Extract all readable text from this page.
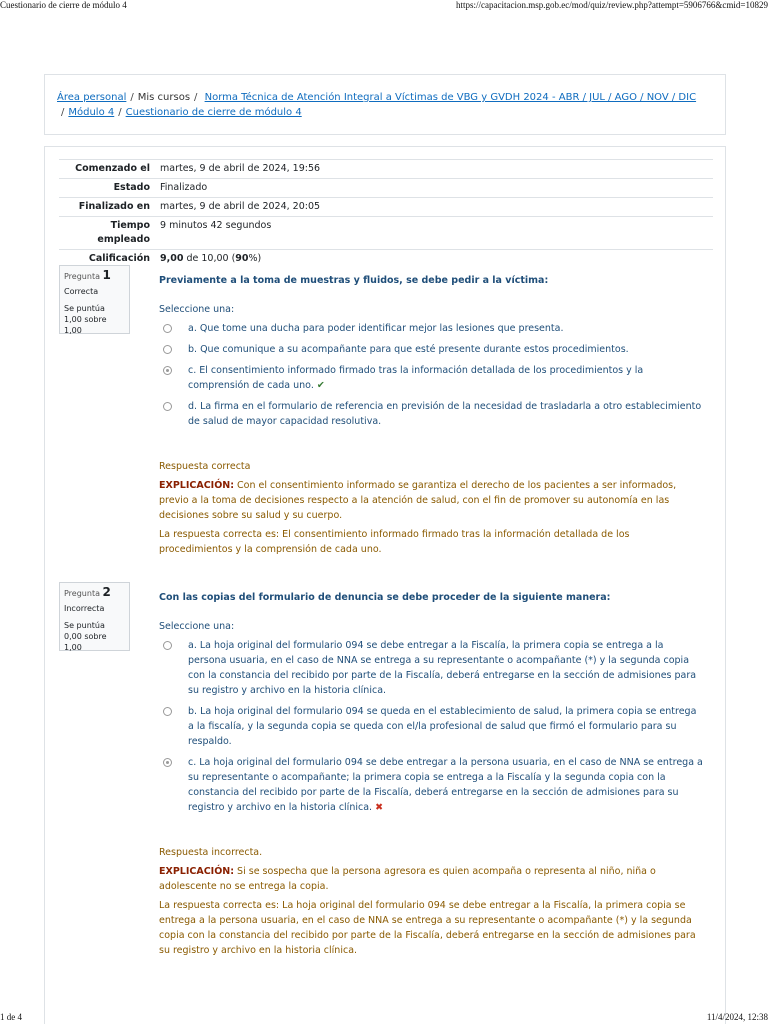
Cuestionario de cierre de módulo 4	https://capacitacion.msp.gob.ec/mod/quiz/review.php?attempt=5906766&cmid=10829
Área personal / Mis cursos / Norma Técnica de Atención Integral a Víctimas de VBG y GVDH 2024 - ABR / JUL / AGO / NOV / DIC
/ Módulo 4 / Cuestionario de cierre de módulo 4
Comenzado el	martes, 9 de abril de 2024, 19:56
Estado	Finalizado
Finalizado en	martes, 9 de abril de 2024, 20:05
Tiempo empleado	9 minutos 42 segundos
Calificación	9,00 de 10,00 (90%)
Pregunta 1
Correcta
Se puntúa 1,00 sobre 1,00
Previamente a la toma de muestras y fluidos, se debe pedir a la víctima:
Seleccione una:
a. Que tome una ducha para poder identificar mejor las lesiones que presenta.
b. Que comunique a su acompañante para que esté presente durante estos procedimientos.
c. El consentimiento informado firmado tras la información detallada de los procedimientos y la comprensión de cada uno. ✔
d. La firma en el formulario de referencia en previsión de la necesidad de trasladarla a otro establecimiento de salud de mayor capacidad resolutiva.
Respuesta correcta
EXPLICACIÓN: Con el consentimiento informado se garantiza el derecho de los pacientes a ser informados, previo a la toma de decisiones respecto a la atención de salud, con el fin de promover su autonomía en las decisiones sobre su salud y su cuerpo.
La respuesta correcta es: El consentimiento informado firmado tras la información detallada de los procedimientos y la comprensión de cada uno.
Pregunta 2
Incorrecta
Se puntúa 0,00 sobre 1,00
Con las copias del formulario de denuncia se debe proceder de la siguiente manera:
Seleccione una:
a. La hoja original del formulario 094 se debe entregar a la Fiscalía, la primera copia se entrega a la persona usuaria, en el caso de NNA se entrega a su representante o acompañante (*) y la segunda copia con la constancia del recibido por parte de la Fiscalía, deberá entregarse en la sección de admisiones para su registro y archivo en la historia clínica.
b. La hoja original del formulario 094 se queda en el establecimiento de salud, la primera copia se entrega a la fiscalía, y la segunda copia se queda con el/la profesional de salud que firmó el formulario para su respaldo.
c. La hoja original del formulario 094 se debe entregar a la persona usuaria, en el caso de NNA se entrega a su representante o acompañante; la primera copia se entrega a la Fiscalía y la segunda copia con la constancia del recibido por parte de la Fiscalía, deberá entregarse en la sección de admisiones para su registro y archivo en la historia clínica. ✖
Respuesta incorrecta.
EXPLICACIÓN: Si se sospecha que la persona agresora es quien acompaña o representa al niño, niña o adolescente no se entrega la copia.
La respuesta correcta es: La hoja original del formulario 094 se debe entregar a la Fiscalía, la primera copia se entrega a la persona usuaria, en el caso de NNA se entrega a su representante o acompañante (*) y la segunda copia con la constancia del recibido por parte de la Fiscalía, deberá entregarse en la sección de admisiones para su registro y archivo en la historia clínica.
1 de 4	11/4/2024, 12:38
